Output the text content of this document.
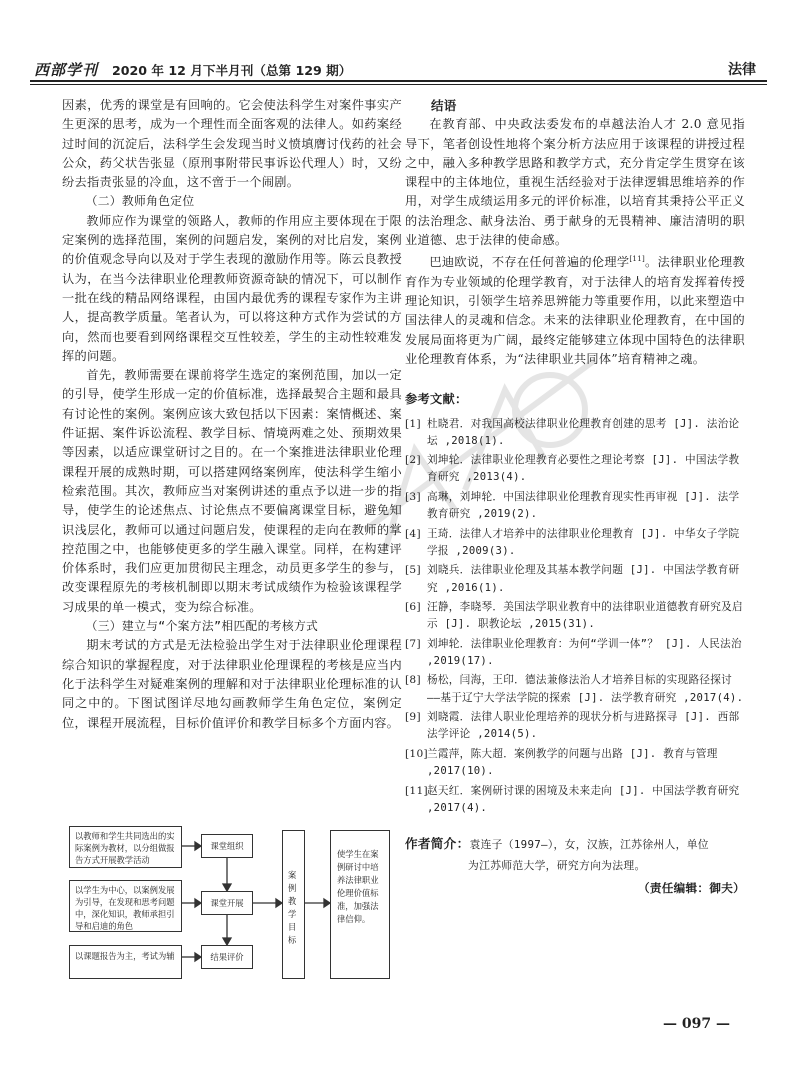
西部学刊 2020 年 12 月下半月刊（总第 129 期）	法律

因素，优秀的课堂是有回响的。它会使法科学生对案件事实产生更深的思考，成为一个理性而全面客观的法律人。如药案经过时间的沉淀后，法科学生会发现当时义愤填膺讨伐药的社会公众，药父状告张显（原刑事附带民事诉讼代理人）时，又纷纷去指责张显的冷血，这不啻于一个闹剧。

（二）教师角色定位

教师应作为课堂的领路人，教师的作用应主要体现在于限定案例的选择范围，案例的问题启发，案例的对比启发，案例的价值观念导向以及对于学生表现的激励作用等。陈云良教授认为，在当今法律职业伦理教师资源奇缺的情况下，可以制作一批在线的精品网络课程，由国内最优秀的课程专家作为主讲人，提高教学质量。笔者认为，可以将这种方式作为尝试的方向，然而也要看到网络课程交互性较差，学生的主动性较难发挥的问题。

首先，教师需要在课前将学生选定的案例范围，加以一定的引导，使学生形成一定的价值标准，选择最契合主题和最具有讨论性的案例。案例应该大致包括以下因素：案情概述、案件证据、案件诉讼流程、教学目标、情境两难之处、预期效果等因素，以适应课堂研讨之目的。在一个案推进法律职业伦理课程开展的成熟时期，可以搭建网络案例库，使法科学生缩小检索范围。其次，教师应当对案例讲述的重点予以进一步的指导，使学生的论述焦点、讨论焦点不要偏离课堂目标，避免知识浅层化，教师可以通过问题启发，使课程的走向在教师的掌控范围之中，也能够使更多的学生融入课堂。同样，在构建评价体系时，我们应更加贯彻民主理念，动员更多学生的参与，改变课程原先的考核机制即以期末考试成绩作为检验该课程学习成果的单一模式，变为综合标准。

（三）建立与“个案方法”相匹配的考核方式

期末考试的方式是无法检验出学生对于法律职业伦理课程综合知识的掌握程度，对于法律职业伦理课程的考核是应当内化于法科学生对疑难案例的理解和对于法律职业伦理标准的认同之中的。下图试图详尽地勾画教师学生角色定位，案例定位，课程开展流程，目标价值评价和教学目标多个方面内容。

以教师和学生共同选出的实际案例为教材，以分组做报告方式开展教学活动
以学生为中心，以案例发展为引导，在发现和思考问题中，深化知识，教师承担引导和启迪的角色
以课题报告为主，考试为辅
课堂组织
课堂开展
结果评价
案例教学目标
使学生在案例研讨中培养法律职业伦理价值标准，加强法律信仰。

结语

在教育部、中央政法委发布的卓越法治人才 2.0 意见指导下，笔者创设性地将个案分析方法应用于该课程的讲授过程之中，融入多种教学思路和教学方式，充分肯定学生贯穿在该课程中的主体地位，重视生活经验对于法律逻辑思维培养的作用，对学生成绩运用多元的评价标准，以培育其秉持公平正义的法治理念、献身法治、勇于献身的无畏精神、廉洁清明的职业道德、忠于法律的使命感。

巴迪欧说，不存在任何普遍的伦理学[11]。法律职业伦理教育作为专业领域的伦理学教育，对于法律人的培育发挥着传授理论知识，引领学生培养思辨能力等重要作用，以此来塑造中国法律人的灵魂和信念。未来的法律职业伦理教育，在中国的发展局面将更为广阔，最终定能够建立体现中国特色的法律职业伦理教育体系，为“法律职业共同体”培育精神之魂。

参考文献：

[1] 杜晓君．对我国高校法律职业伦理教育创建的思考 [J]. 法治论坛 ,2018(1).
[2] 刘坤轮．法律职业伦理教育必要性之理论考察 [J]. 中国法学教育研究 ,2013(4).
[3] 高琳，刘坤轮．中国法律职业伦理教育现实性再审视 [J]. 法学教育研究 ,2019(2).
[4] 王琦．法律人才培养中的法律职业伦理教育 [J]. 中华女子学院学报 ,2009(3).
[5] 刘晓兵．法律职业伦理及其基本教学问题 [J]. 中国法学教育研究 ,2016(1).
[6] 汪静，李晓琴．美国法学职业教育中的法律职业道德教育研究及启示 [J]. 职教论坛 ,2015(31).
[7] 刘坤轮．法律职业伦理教育：为何“学训一体”？ [J]. 人民法治 ,2019(17).
[8] 杨松，闫海，王印．德法兼修法治人才培养目标的实现路径探讨——基于辽宁大学法学院的探索 [J]. 法学教育研究 ,2017(4).
[9] 刘晓霞．法律人职业伦理培养的现状分析与进路探寻 [J]. 西部法学评论 ,2014(5).
[10] 兰霞萍，陈大超．案例教学的问题与出路 [J]. 教育与管理 ,2017(10).
[11] 赵天红．案例研讨课的困境及未来走向 [J]. 中国法学教育研究 ,2017(4).
作者简介：袁连子（1997—），女，汉族，江苏徐州人，单位
为江苏师范大学，研究方向为法理。
（责任编辑：御夫）
— 097 —
